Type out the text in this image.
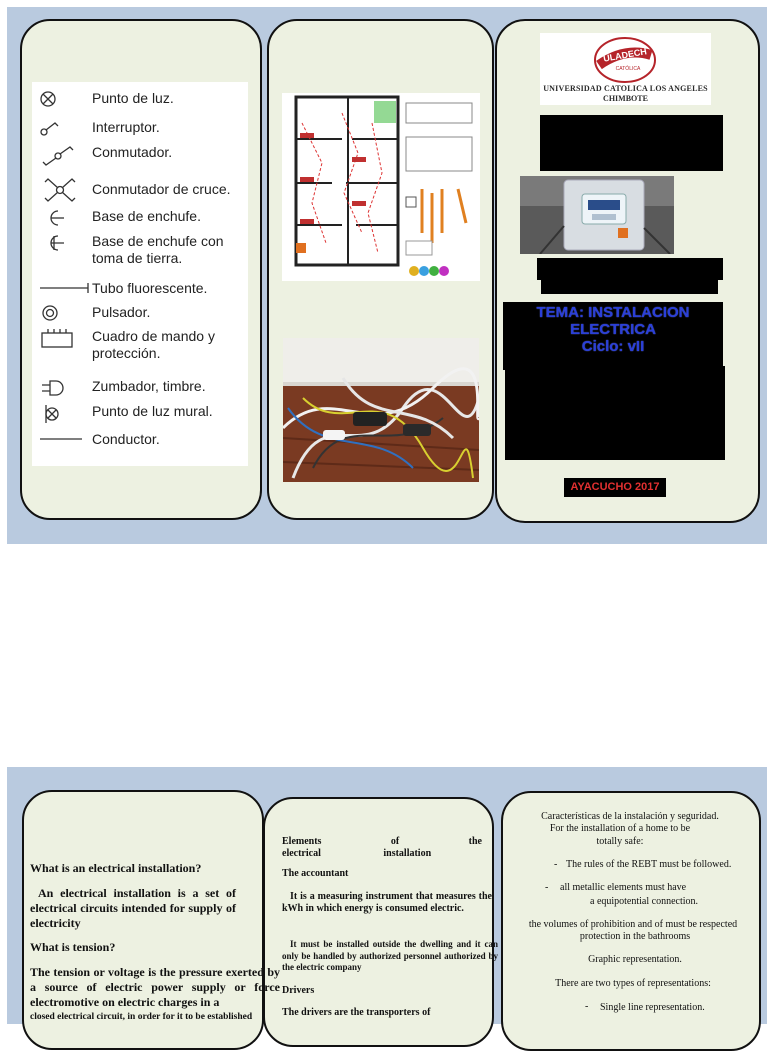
Punto de luz.
Interruptor.
Conmutador.
Conmutador de cruce.
Base de enchufe.
Base de enchufe con toma de tierra.
Tubo fluorescente.
Pulsador.
Cuadro de mando y protección.
Zumbador, timbre.
Punto de luz mural.
Conductor.
ULADECH
CATÓLICA
UNIVERSIDAD CATOLICA LOS ANGELES
CHIMBOTE
TEMA: INSTALACION
ELECTRICA
Ciclo: vII
AYACUCHO 2017
What is an electrical installation?
An electrical installation is a set of electrical circuits intended for supply of electricity
What is tension?
The tension or voltage is the pressure exerted by a source of electric power supply or force electromotive on electric charges in a
closed electrical circuit, in order for it to be established
Elements of the electrical installation
The accountant
It is a measuring instrument that measures the kWh in which energy is consumed electric.
It must be installed outside the dwelling and it can only be handled by authorized personnel authorized by the electric company
Drivers
The drivers are the transporters of
Características de la instalación y seguridad.
For the installation of a home to be
totally safe:
- The rules of the REBT must be followed.
- all metallic elements must have
a equipotential connection.
the volumes of prohibition and of must be respected
protection in the bathrooms
Graphic representation.
There are two types of representations:
- Single line representation.
